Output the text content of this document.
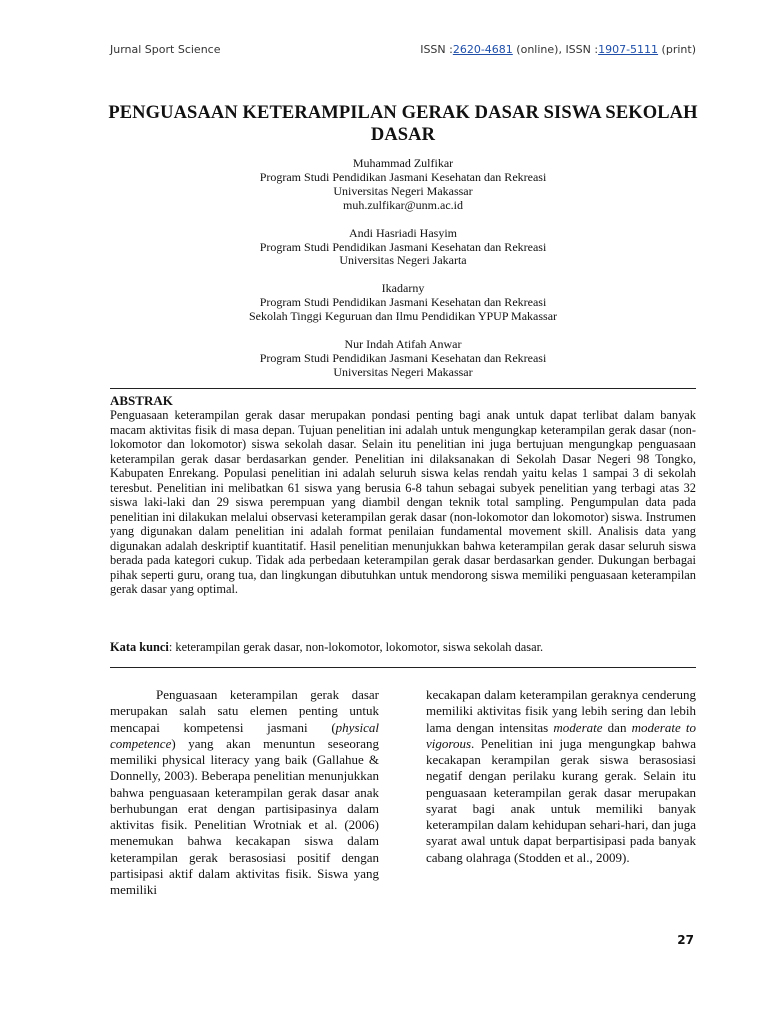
Jurnal Sport Science	ISSN :2620-4681 (online), ISSN :1907-5111 (print)
PENGUASAAN KETERAMPILAN GERAK DASAR SISWA SEKOLAH DASAR
Muhammad Zulfikar
Program Studi Pendidikan Jasmani Kesehatan dan Rekreasi
Universitas Negeri Makassar
muh.zulfikar@unm.ac.id
Andi Hasriadi Hasyim
Program Studi Pendidikan Jasmani Kesehatan dan Rekreasi
Universitas Negeri Jakarta
Ikadarny
Program Studi Pendidikan Jasmani Kesehatan dan Rekreasi
Sekolah Tinggi Keguruan dan Ilmu Pendidikan YPUP Makassar
Nur Indah Atifah Anwar
Program Studi Pendidikan Jasmani Kesehatan dan Rekreasi
Universitas Negeri Makassar
ABSTRAK

Penguasaan keterampilan gerak dasar merupakan pondasi penting bagi anak untuk dapat terlibat dalam banyak macam aktivitas fisik di masa depan. Tujuan penelitian ini adalah untuk mengungkap keterampilan gerak dasar (non-lokomotor dan lokomotor) siswa sekolah dasar. Selain itu penelitian ini juga bertujuan mengungkap penguasaan keterampilan gerak dasar berdasarkan gender. Penelitian ini dilaksanakan di Sekolah Dasar Negeri 98 Tongko, Kabupaten Enrekang. Populasi penelitian ini adalah seluruh siswa kelas rendah yaitu kelas 1 sampai 3 di sekolah teresbut. Penelitian ini melibatkan 61 siswa yang berusia 6-8 tahun sebagai subyek penelitian yang terbagi atas 32 siswa laki-laki dan 29 siswa perempuan yang diambil dengan teknik total sampling. Pengumpulan data pada penelitian ini dilakukan melalui observasi keterampilan gerak dasar (non-lokomotor dan lokomotor) siswa. Instrumen yang digunakan dalam penelitian ini adalah format penilaian fundamental movement skill. Analisis data yang digunakan adalah deskriptif kuantitatif. Hasil penelitian menunjukkan bahwa keterampilan gerak dasar seluruh siswa berada pada kategori cukup. Tidak ada perbedaan keterampilan gerak dasar berdasarkan gender. Dukungan berbagai pihak seperti guru, orang tua, dan lingkungan dibutuhkan untuk mendorong siswa memiliki penguasaan keterampilan gerak dasar yang optimal.

Kata kunci: keterampilan gerak dasar, non-lokomotor, lokomotor, siswa sekolah dasar.

Penguasaan keterampilan gerak dasar merupakan salah satu elemen penting untuk mencapai kompetensi jasmani (physical competence) yang akan menuntun seseorang memiliki physical literacy yang baik (Gallahue & Donnelly, 2003). Beberapa penelitian menunjukkan bahwa penguasaan keterampilan gerak dasar anak berhubungan erat dengan partisipasinya dalam aktivitas fisik. Penelitian Wrotniak et al. (2006) menemukan bahwa kecakapan siswa dalam keterampilan gerak berasosiasi positif dengan partisipasi aktif dalam aktivitas fisik. Siswa yang memiliki

kecakapan dalam keterampilan geraknya cenderung memiliki aktivitas fisik yang lebih sering dan lebih lama dengan intensitas moderate dan moderate to vigorous. Penelitian ini juga mengungkap bahwa kecakapan kerampilan gerak siswa berasosiasi negatif dengan perilaku kurang gerak. Selain itu penguasaan keterampilan gerak dasar merupakan syarat bagi anak untuk memiliki banyak keterampilan dalam kehidupan sehari-hari, dan juga syarat awal untuk dapat berpartisipasi pada banyak cabang olahraga (Stodden et al., 2009).

27
